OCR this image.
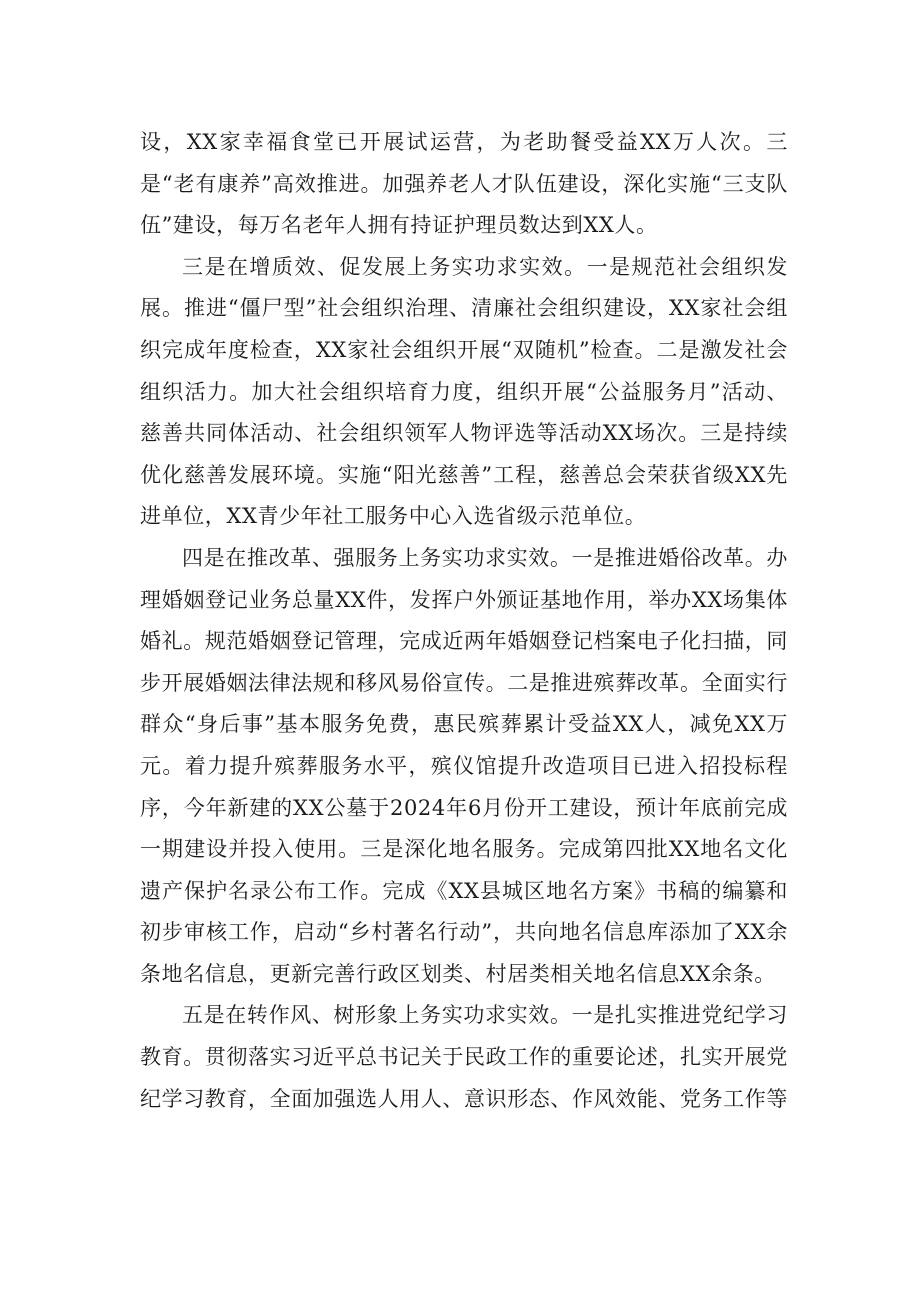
设，XX家幸福食堂已开展试运营，为老助餐受益XX万人次。三是“老有康养”高效推进。加强养老人才队伍建设，深化实施“三支队伍”建设，每万名老年人拥有持证护理员数达到XX人。

三是在增质效、促发展上务实功求实效。一是规范社会组织发展。推进“僵尸型”社会组织治理、清廉社会组织建设，XX家社会组织完成年度检查，XX家社会组织开展“双随机”检查。二是激发社会组织活力。加大社会组织培育力度，组织开展“公益服务月”活动、慈善共同体活动、社会组织领军人物评选等活动XX场次。三是持续优化慈善发展环境。实施“阳光慈善”工程，慈善总会荣获省级XX先进单位，XX青少年社工服务中心入选省级示范单位。

四是在推改革、强服务上务实功求实效。一是推进婚俗改革。办理婚姻登记业务总量XX件，发挥户外颁证基地作用，举办XX场集体婚礼。规范婚姻登记管理，完成近两年婚姻登记档案电子化扫描，同步开展婚姻法律法规和移风易俗宣传。二是推进殡葬改革。全面实行群众“身后事”基本服务免费，惠民殡葬累计受益XX人，减免XX万元。着力提升殡葬服务水平，殡仪馆提升改造项目已进入招投标程序，今年新建的XX公墓于2024年6月份开工建设，预计年底前完成一期建设并投入使用。三是深化地名服务。完成第四批XX地名文化遗产保护名录公布工作。完成《XX县城区地名方案》书稿的编纂和初步审核工作，启动“乡村著名行动”，共向地名信息库添加了XX余条地名信息，更新完善行政区划类、村居类相关地名信息XX余条。

五是在转作风、树形象上务实功求实效。一是扎实推进党纪学习教育。贯彻落实习近平总书记关于民政工作的重要论述，扎实开展党纪学习教育，全面加强选人用人、意识形态、作风效能、党务工作等
